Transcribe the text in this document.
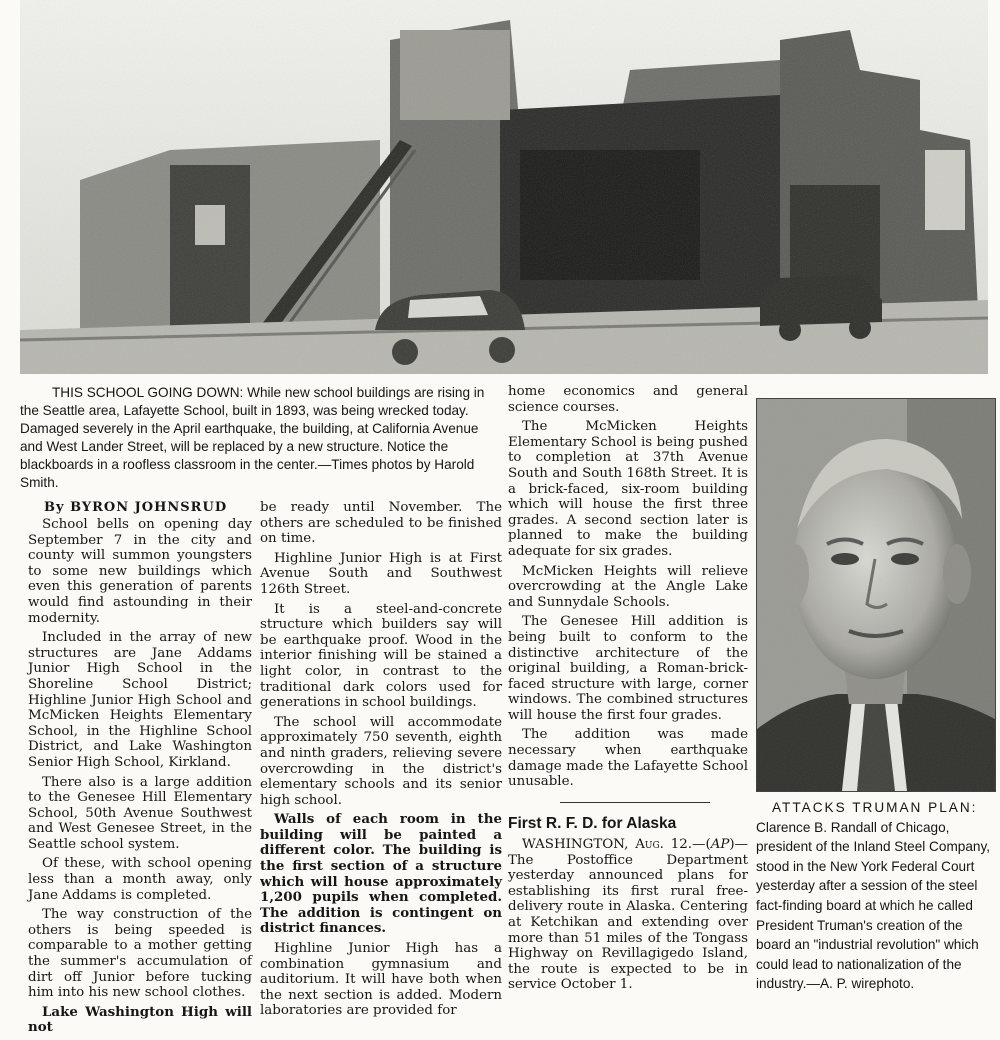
THIS SCHOOL GOING DOWN: While new school buildings are rising in the Seattle area, Lafayette School, built in 1893, was being wrecked today. Damaged severely in the April earthquake, the building, at California Avenue and West Lander Street, will be replaced by a new structure. Notice the blackboards in a roofless classroom in the center.—Times photos by Harold Smith.

By BYRON JOHNSRUD

School bells on opening day September 7 in the city and county will summon youngsters to some new buildings which even this generation of parents would find astounding in their modernity.

Included in the array of new structures are Jane Addams Junior High School in the Shoreline School District; Highline Junior High School and McMicken Heights Elementary School, in the Highline School District, and Lake Washington Senior High School, Kirkland.

There also is a large addition to the Genesee Hill Elementary School, 50th Avenue Southwest and West Genesee Street, in the Seattle school system.

Of these, with school opening less than a month away, only Jane Addams is completed.

The way construction of the others is being speeded is comparable to a mother getting the summer's accumulation of dirt off Junior before tucking him into his new school clothes.

Lake Washington High will not

be ready until November. The others are scheduled to be finished on time.

Highline Junior High is at First Avenue South and Southwest 126th Street.

It is a steel-and-concrete structure which builders say will be earthquake proof. Wood in the interior finishing will be stained a light color, in contrast to the traditional dark colors used for generations in school buildings.

The school will accommodate approximately 750 seventh, eighth and ninth graders, relieving severe overcrowding in the district's elementary schools and its senior high school.

Walls of each room in the building will be painted a different color. The building is the first section of a structure which will house approximately 1,200 pupils when completed. The addition is contingent on district finances.

Highline Junior High has a combination gymnasium and auditorium. It will have both when the next section is added. Modern laboratories are provided for

home economics and general science courses.

The McMicken Heights Elementary School is being pushed to completion at 37th Avenue South and South 168th Street. It is a brick-faced, six-room building which will house the first three grades. A second section later is planned to make the building adequate for six grades.

McMicken Heights will relieve overcrowding at the Angle Lake and Sunnydale Schools.

The Genesee Hill addition is being built to conform to the distinctive architecture of the original building, a Roman-brick-faced structure with large, corner windows. The combined structures will house the first four grades.

The addition was made necessary when earthquake damage made the Lafayette School unusable.

First R. F. D. for Alaska

WASHINGTON, Aug. 12.—(AP)—The Postoffice Department yesterday announced plans for establishing its first rural free-delivery route in Alaska. Centering at Ketchikan and extending over more than 51 miles of the Tongass Highway on Revillagigedo Island, the route is expected to be in service October 1.

ATTACKS TRUMAN PLAN: Clarence B. Randall of Chicago, president of the Inland Steel Company, stood in the New York Federal Court yesterday after a session of the steel fact-finding board at which he called President Truman's creation of the board an "industrial revolution" which could lead to nationalization of the industry.—A. P. wirephoto.
